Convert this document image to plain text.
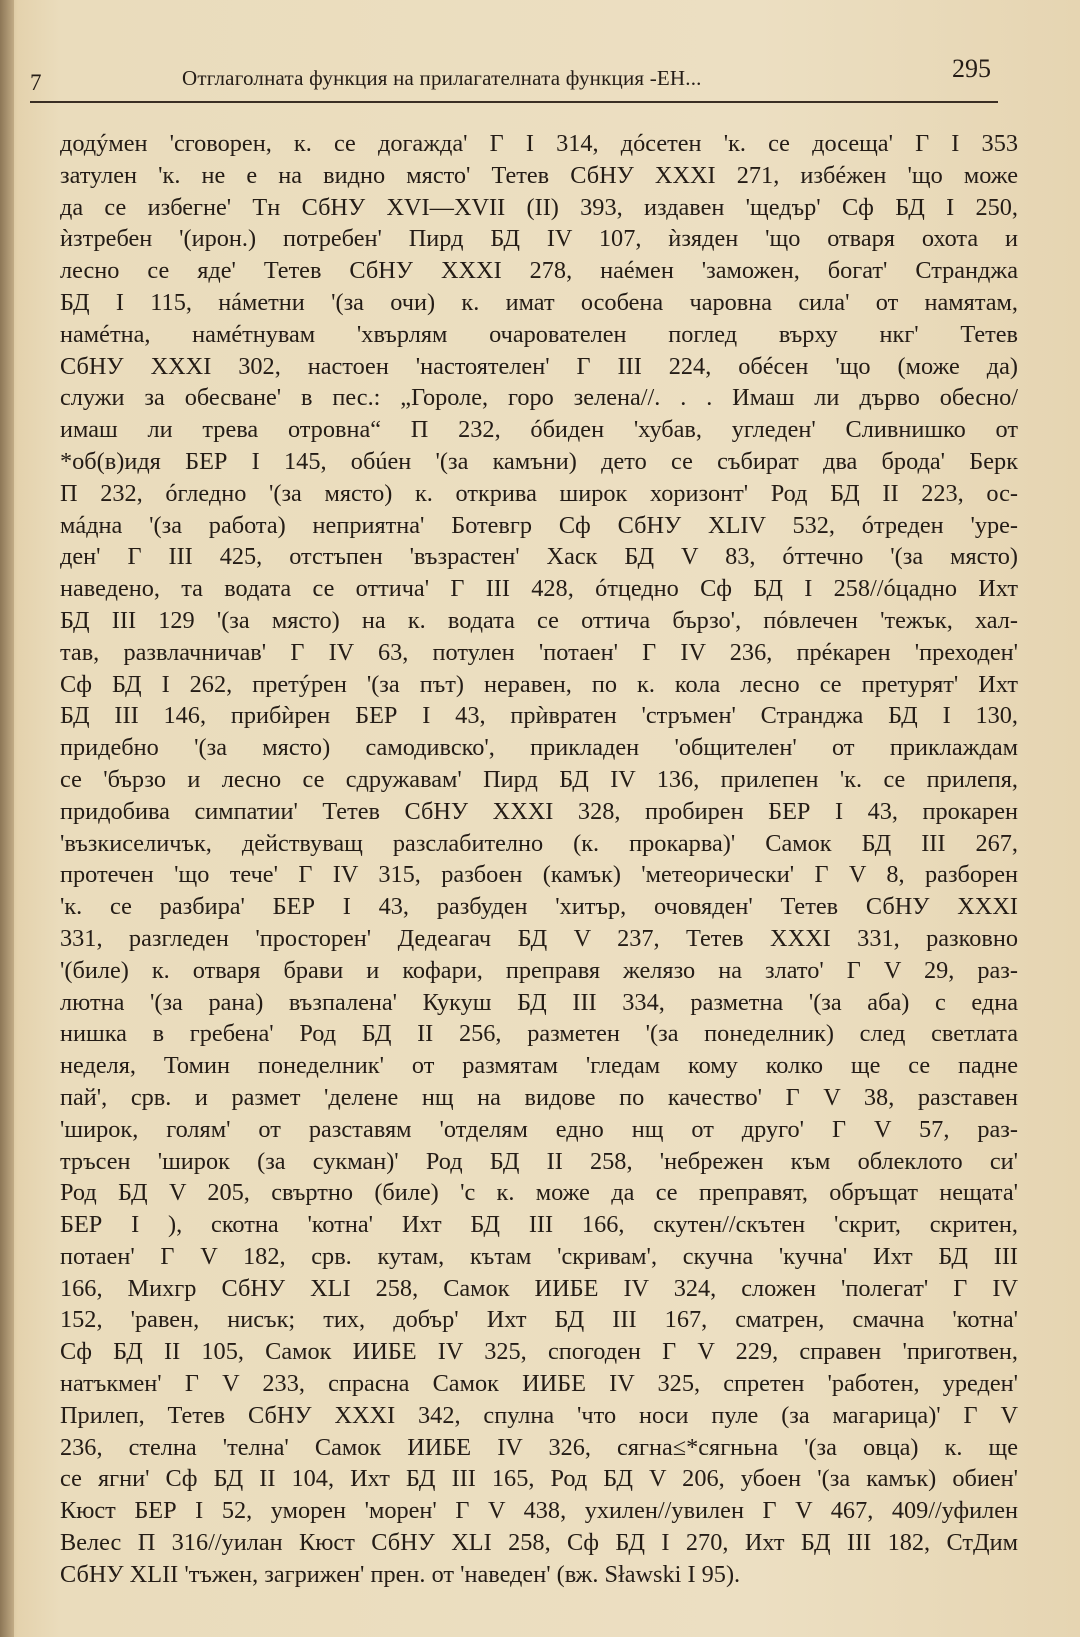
7	Отглаголната функция на прилагателната функция -ЕН...	295
додýмен 'сговорен, к. се догажда' Г I 314, дóсетен 'к. се досеща' Г I 353
затулен 'к. не е на видно място' Тетев СбНУ XXXI 271, избéжен 'що може
да се избегне' Тн СбНУ XVI—XVII (II) 393, издавен 'щедър' Сф БД I 250,
ѝзтребен '(ирон.) потребен' Пирд БД IV 107, ѝзяден 'що отваря охота и
лесно се яде' Тетев СбНУ XXXI 278, наéмен 'заможен, богат' Странджа
БД I 115, нáметни '(за очи) к. имат особена чаровна сила' от намятам,
намéтна, намéтнувам 'хвърлям очарователен поглед върху нкг' Тетев
СбНУ XXXI 302, настоен 'настоятелен' Г III 224, обéсен 'що (може да)
служи за обесване' в пес.: „Гороле, горо зелена//. . . Имаш ли дърво обесно/
имаш ли трева отровна“ П 232, óбиден 'хубав, угледен' Сливнишко от
*об(в)идя БЕР I 145, обúен '(за камъни) дето се събират два брода' Берк
П 232, óгледно '(за място) к. открива широк хоризонт' Род БД II 223, ос-
мáдна '(за работа) неприятна' Ботевгр Сф СбНУ XLIV 532, óтреден 'уре-
ден' Г III 425, отстъпен 'възрастен' Хаск БД V 83, óттечно '(за място)
наведено, та водата се оттича' Г III 428, óтцедно Сф БД I 258//óцадно Ихт
БД III 129 '(за място) на к. водата се оттича бързо', пóвлечен 'тежък, хал-
тав, развлачничав' Г IV 63, потулен 'потаен' Г IV 236, прéкарен 'преходен'
Сф БД I 262, претýрен '(за път) неравен, по к. кола лесно се претурят' Ихт
БД III 146, прибѝрен БЕР I 43, прѝвратен 'стръмен' Странджа БД I 130,
придебно '(за място) самодивско', прикладен 'общителен' от приклаждам
се 'бързо и лесно се сдружавам' Пирд БД IV 136, прилепен 'к. се прилепя,
придобива симпатии' Тетев СбНУ XXXI 328, пробирен БЕР I 43, прокарен
'възкиселичък, действуващ разслабително (к. прокарва)' Самок БД III 267,
протечен 'що тече' Г IV 315, разбоен (камък) 'метеорически' Г V 8, разборен
'к. се разбира' БЕР I 43, разбуден 'хитър, очовяден' Тетев СбНУ XXXI
331, разгледен 'просторен' Дедеагач БД V 237, Тетев XXXI 331, разковно
'(биле) к. отваря брави и кофари, преправя желязо на злато' Г V 29, раз-
лютна '(за рана) възпалена' Кукуш БД III 334, разметна '(за аба) с една
нишка в гребена' Род БД II 256, разметен '(за понеделник) след светлата
неделя, Томин понеделник' от размятам 'гледам кому колко ще се падне
пай', срв. и размет 'делене нщ на видове по качество' Г V 38, разставен
'широк, голям' от разставям 'отделям едно нщ от друго' Г V 57, раз-
тръсен 'широк (за сукман)' Род БД II 258, 'небрежен към облеклото си'
Род БД V 205, свъртно (биле) 'с к. може да се преправят, обръщат нещата'
БЕР I ), скотна 'котна' Ихт БД III 166, скутен//скътен 'скрит, скритен,
потаен' Г V 182, срв. кутам, кътам 'скривам', скучна 'кучна' Ихт БД III
166, Михгр СбНУ XLI 258, Самок ИИБЕ IV 324, сложен 'полегат' Г IV
152, 'равен, нисък; тих, добър' Ихт БД III 167, сматрен, смачна 'котна'
Сф БД II 105, Самок ИИБЕ IV 325, спогоден Г V 229, справен 'приготвен,
натъкмен' Г V 233, спрасна Самок ИИБЕ IV 325, спретен 'работен, уреден'
Прилеп, Тетев СбНУ XXXI 342, спулна 'что носи пуле (за магарица)' Г V
236, стелна 'телна' Самок ИИБЕ IV 326, сягна≤*сягньна '(за овца) к. ще
се ягни' Сф БД II 104, Ихт БД III 165, Род БД V 206, убоен '(за камък) обиен'
Кюст БЕР I 52, уморен 'морен' Г V 438, ухилен//увилен Г V 467, 409//уфилен
Велес П 316//уилан Кюст СбНУ XLI 258, Сф БД I 270, Ихт БД III 182, СтДим
СбНУ XLII 'тъжен, загрижен' прен. от 'наведен' (вж. Sławski I 95).
